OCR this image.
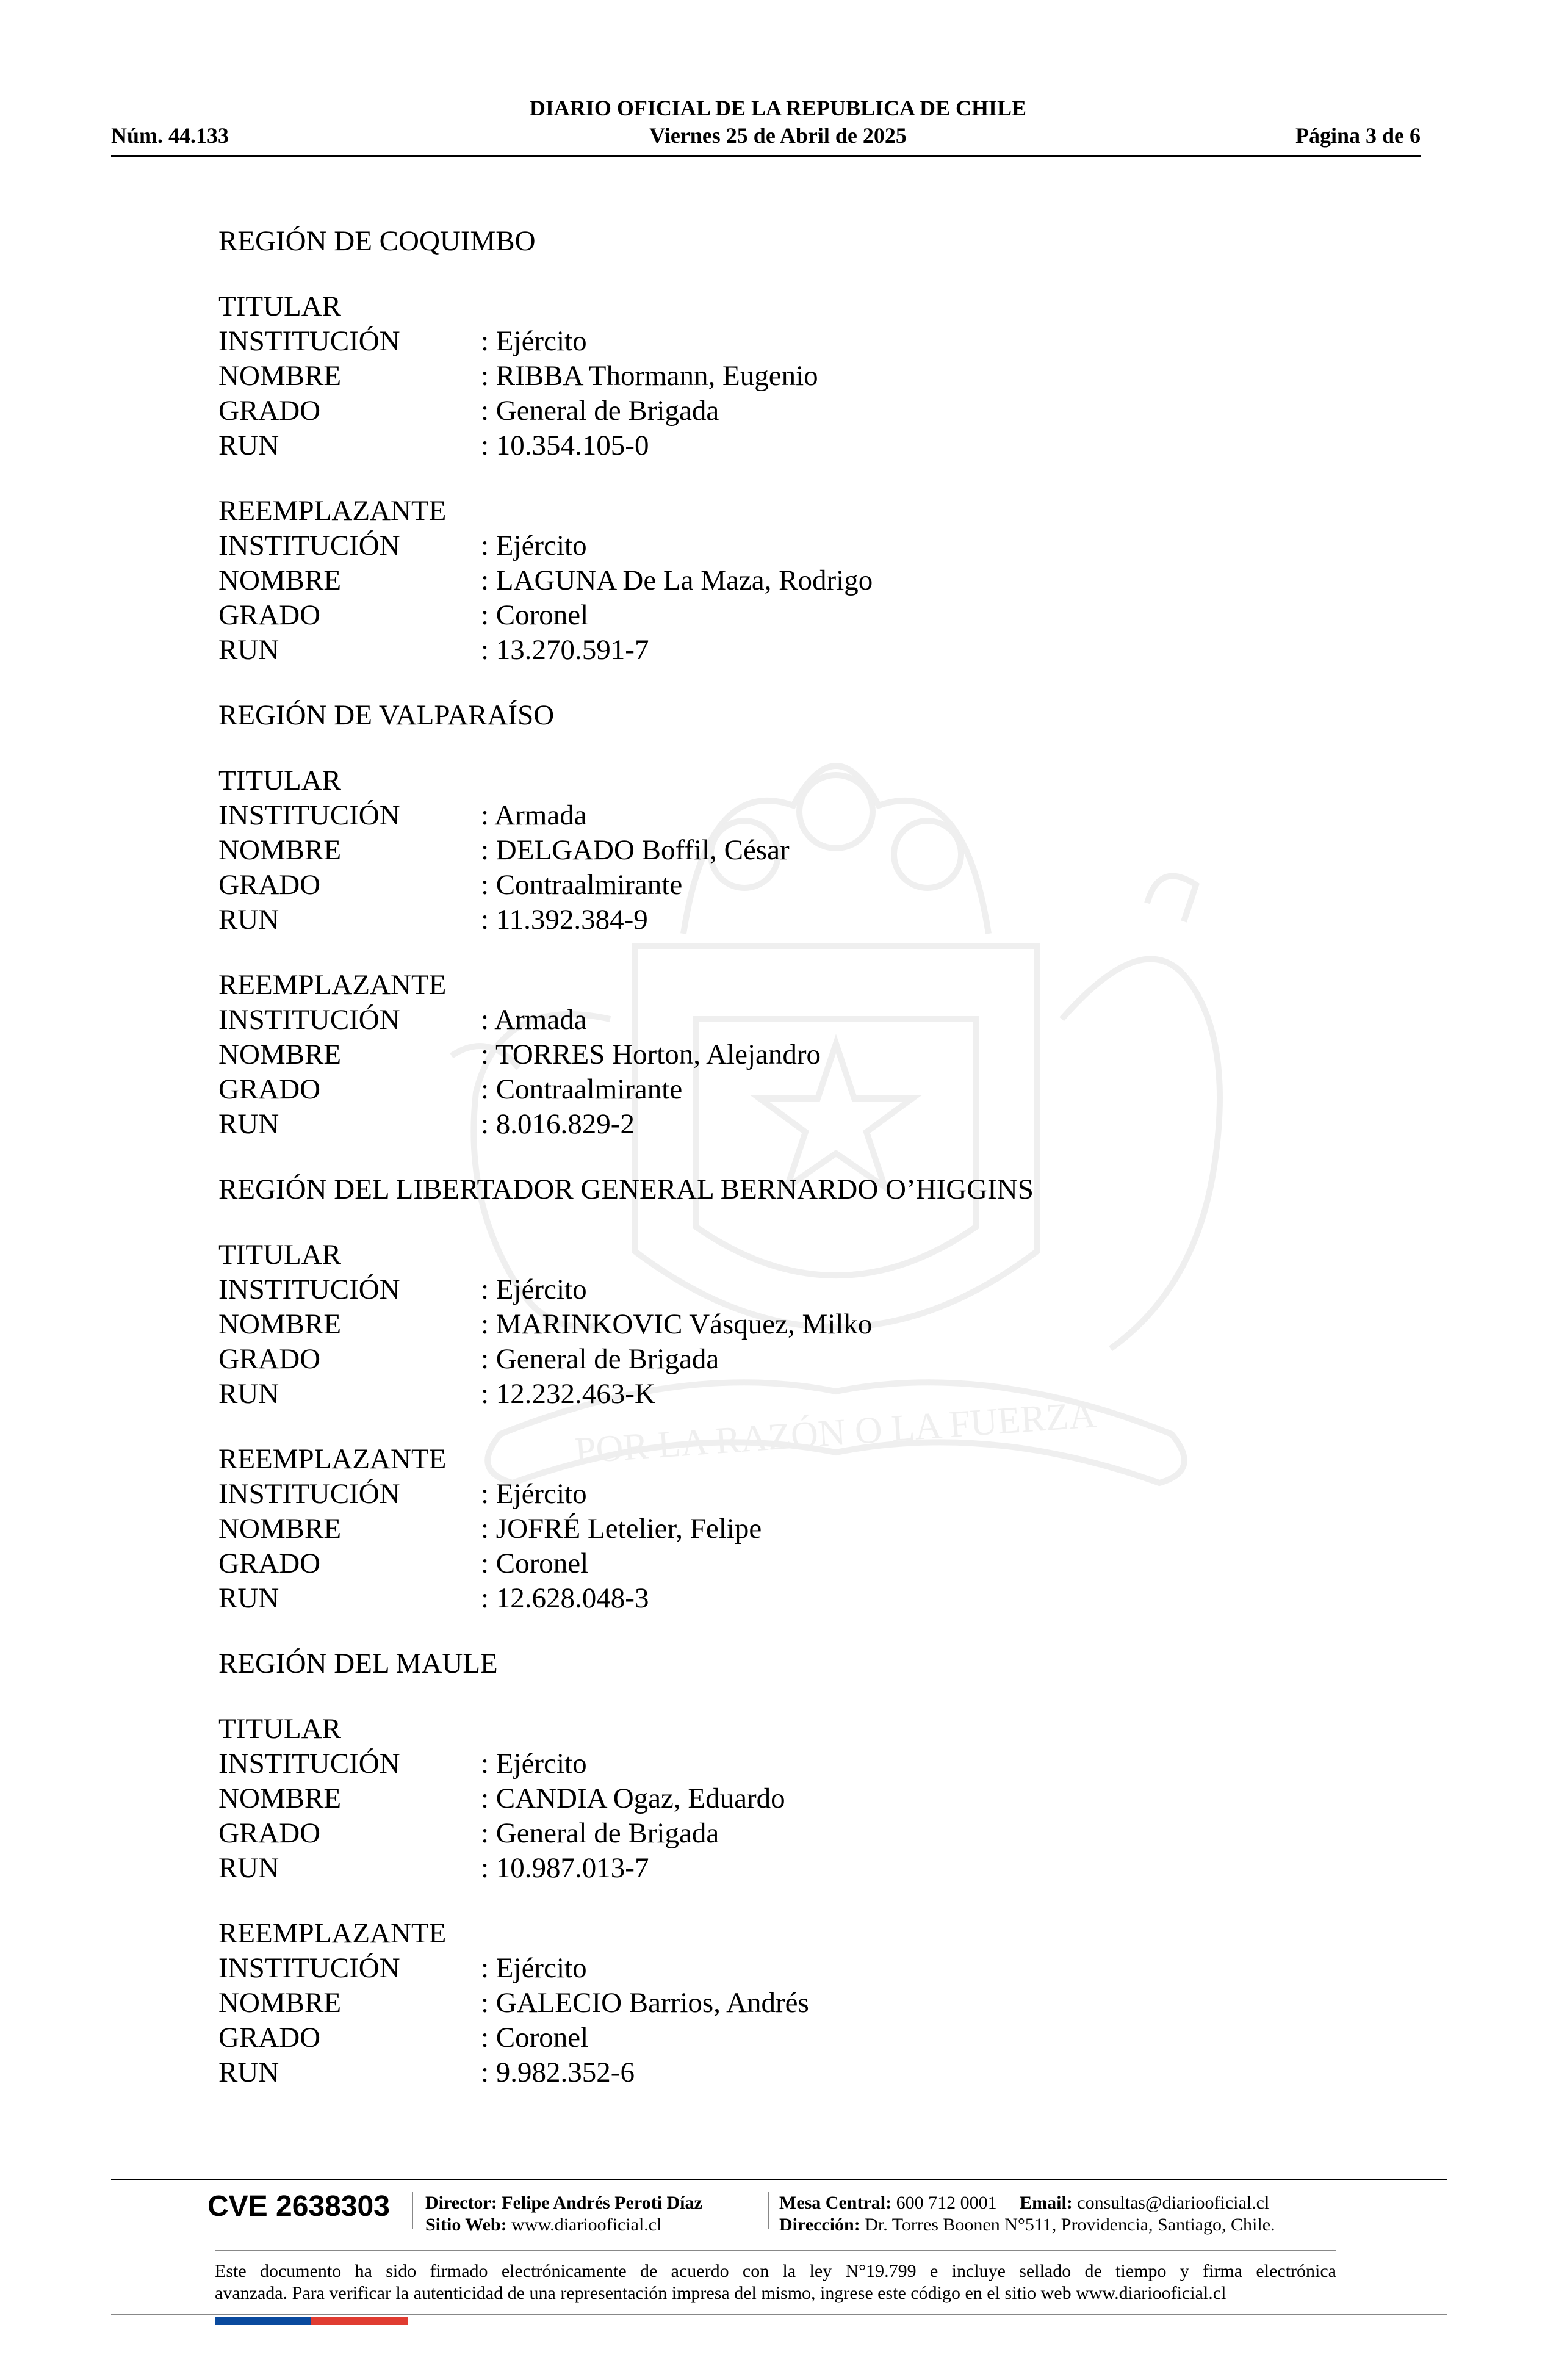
DIARIO OFICIAL DE LA REPUBLICA DE CHILE
Núm. 44.133	Viernes 25 de Abril de 2025	Página 3 de 6
POR LA RAZÓN O LA FUERZA
REGIÓN DE COQUIMBO
TITULAR
INSTITUCIÓN	: Ejército
NOMBRE	: RIBBA Thormann, Eugenio
GRADO	: General de Brigada
RUN	: 10.354.105-0
REEMPLAZANTE
INSTITUCIÓN	: Ejército
NOMBRE	: LAGUNA De La Maza, Rodrigo
GRADO	: Coronel
RUN	: 13.270.591-7
REGIÓN DE VALPARAÍSO
TITULAR
INSTITUCIÓN	: Armada
NOMBRE	: DELGADO Boffil, César
GRADO	: Contraalmirante
RUN	: 11.392.384-9
REEMPLAZANTE
INSTITUCIÓN	: Armada
NOMBRE	: TORRES Horton, Alejandro
GRADO	: Contraalmirante
RUN	: 8.016.829-2
REGIÓN DEL LIBERTADOR GENERAL BERNARDO O’HIGGINS
TITULAR
INSTITUCIÓN	: Ejército
NOMBRE	: MARINKOVIC Vásquez, Milko
GRADO	: General de Brigada
RUN	: 12.232.463-K
REEMPLAZANTE
INSTITUCIÓN	: Ejército
NOMBRE	: JOFRÉ Letelier, Felipe
GRADO	: Coronel
RUN	: 12.628.048-3
REGIÓN DEL MAULE
TITULAR
INSTITUCIÓN	: Ejército
NOMBRE	: CANDIA Ogaz, Eduardo
GRADO	: General de Brigada
RUN	: 10.987.013-7
REEMPLAZANTE
INSTITUCIÓN	: Ejército
NOMBRE	: GALECIO Barrios, Andrés
GRADO	: Coronel
RUN	: 9.982.352-6
CVE 2638303 Director: Felipe Andrés Peroti Díaz
Sitio Web: www.diariooficial.cl
Mesa Central: 600 712 0001 Email: consultas@diariooficial.cl
Dirección: Dr. Torres Boonen N°511, Providencia, Santiago, Chile.
Este documento ha sido firmado electrónicamente de acuerdo con la ley N°19.799 e incluye sellado de tiempo y firma electrónica
avanzada. Para verificar la autenticidad de una representación impresa del mismo, ingrese este código en el sitio web www.diariooficial.cl
